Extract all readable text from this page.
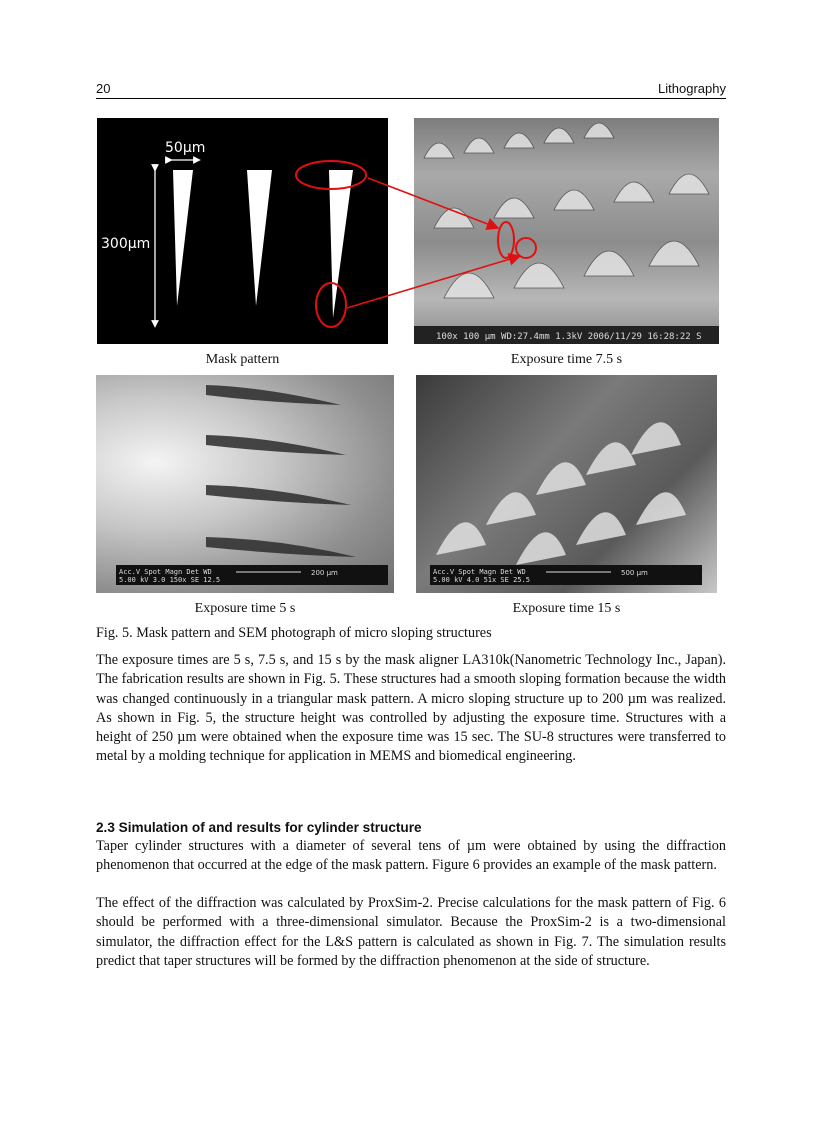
20	Lithography
50µm
300µm
100x 100 µm WD:27.4mm 1.3kV 2006/11/29 16:28:22 S
Mask pattern	Exposure time 7.5 s
Acc.V Spot Magn Det WD
5.00 kV 3.0 150x SE 12.5
200 µm	Acc.V Spot Magn Det WD
5.00 kV 4.0 51x SE 25.5
500 µm
Exposure time 5 s	Exposure time 15 s
Fig. 5. Mask pattern and SEM photograph of micro sloping structures

The exposure times are 5 s, 7.5 s, and 15 s by the mask aligner LA310k(Nanometric Technology Inc., Japan). The fabrication results are shown in Fig. 5. These structures had a smooth sloping formation because the width was changed continuously in a triangular mask pattern. A micro sloping structure up to 200 µm was realized. As shown in Fig. 5, the structure height was controlled by adjusting the exposure time. Structures with a height of 250 µm were obtained when the exposure time was 15 sec. The SU-8 structures were transferred to metal by a molding technique for application in MEMS and biomedical engineering.

2.3 Simulation of and results for cylinder structure

Taper cylinder structures with a diameter of several tens of µm were obtained by using the diffraction phenomenon that occurred at the edge of the mask pattern. Figure 6 provides an example of the mask pattern.

The effect of the diffraction was calculated by ProxSim-2. Precise calculations for the mask pattern of Fig. 6 should be performed with a three-dimensional simulator. Because the ProxSim-2 is a two-dimensional simulator, the diffraction effect for the L&S pattern is calculated as shown in Fig. 7. The simulation results predict that taper structures will be formed by the diffraction phenomenon at the side of structure.
